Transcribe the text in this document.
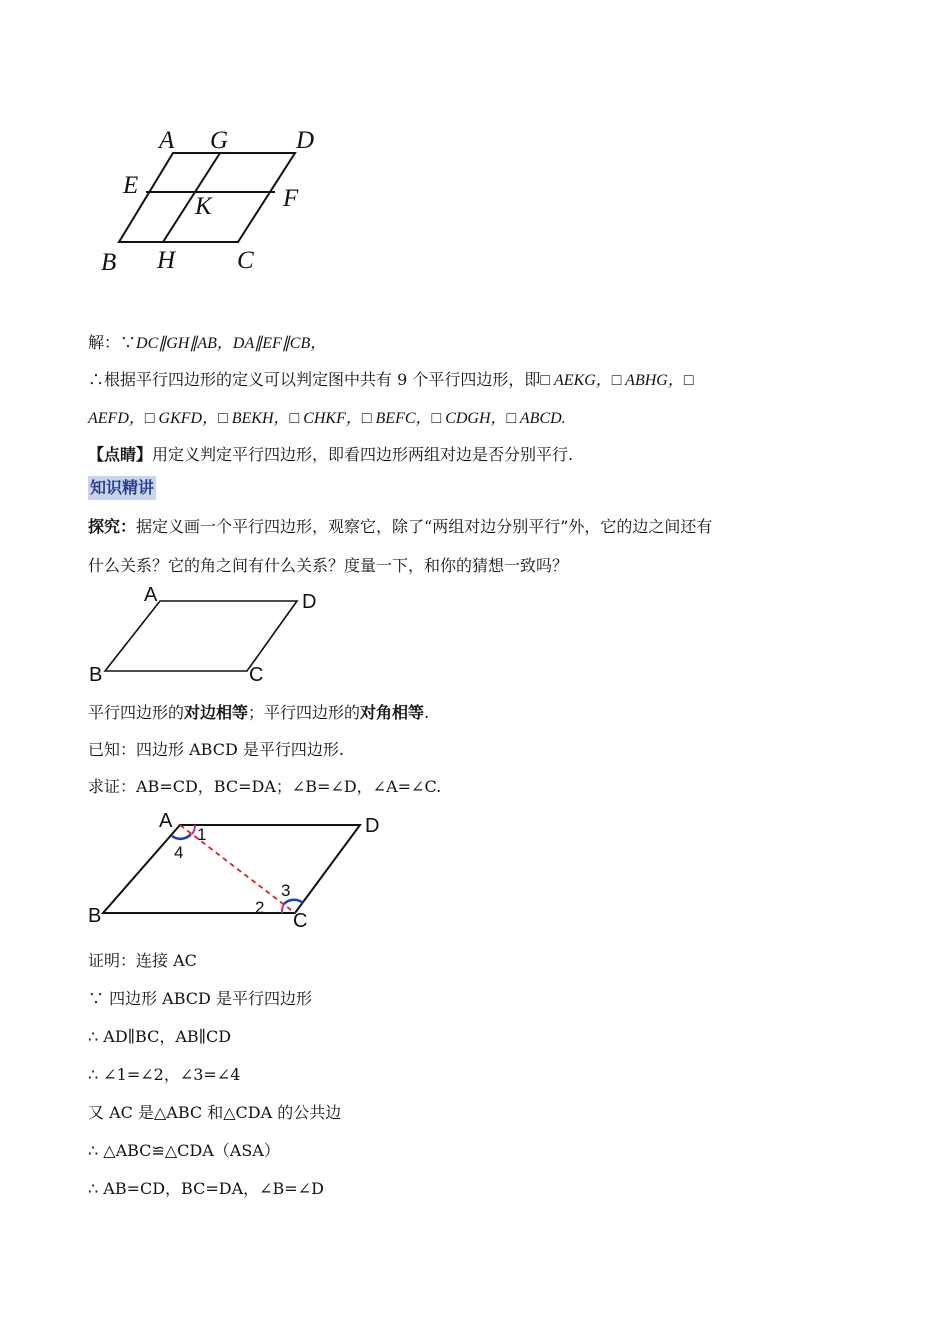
A G	D
E	F
K
B H C
解：∵DC∥GH∥AB，DA∥EF∥CB，
∴根据平行四边形的定义可以判定图中共有 9 个平行四边形，即□ AEKG，□ ABHG，□
AEFD，□ GKFD，□ BEKH，□ CHKF，□ BEFC，□ CDGH，□ ABCD.
【点睛】用定义判定平行四边形，即看四边形两组对边是否分别平行.
知识精讲
探究：据定义画一个平行四边形，观察它，除了“两组对边分别平行”外，它的边之间还有
什么关系？它的角之间有什么关系？度量一下，和你的猜想一致吗？
A	D
B	C
平行四边形的对边相等；平行四边形的对角相等.
已知：四边形 ABCD 是平行四边形.
求证：AB=CD，BC=DA；∠B=∠D，∠A=∠C.
A	D
B	C
1
2
3
4
证明：连接 AC
∵ 四边形 ABCD 是平行四边形
∴ AD∥BC，AB∥CD
∴ ∠1=∠2，∠3=∠4
又 AC 是△ABC 和△CDA 的公共边
∴ △ABC≌△CDA（ASA）
∴ AB=CD，BC=DA，∠B=∠D
